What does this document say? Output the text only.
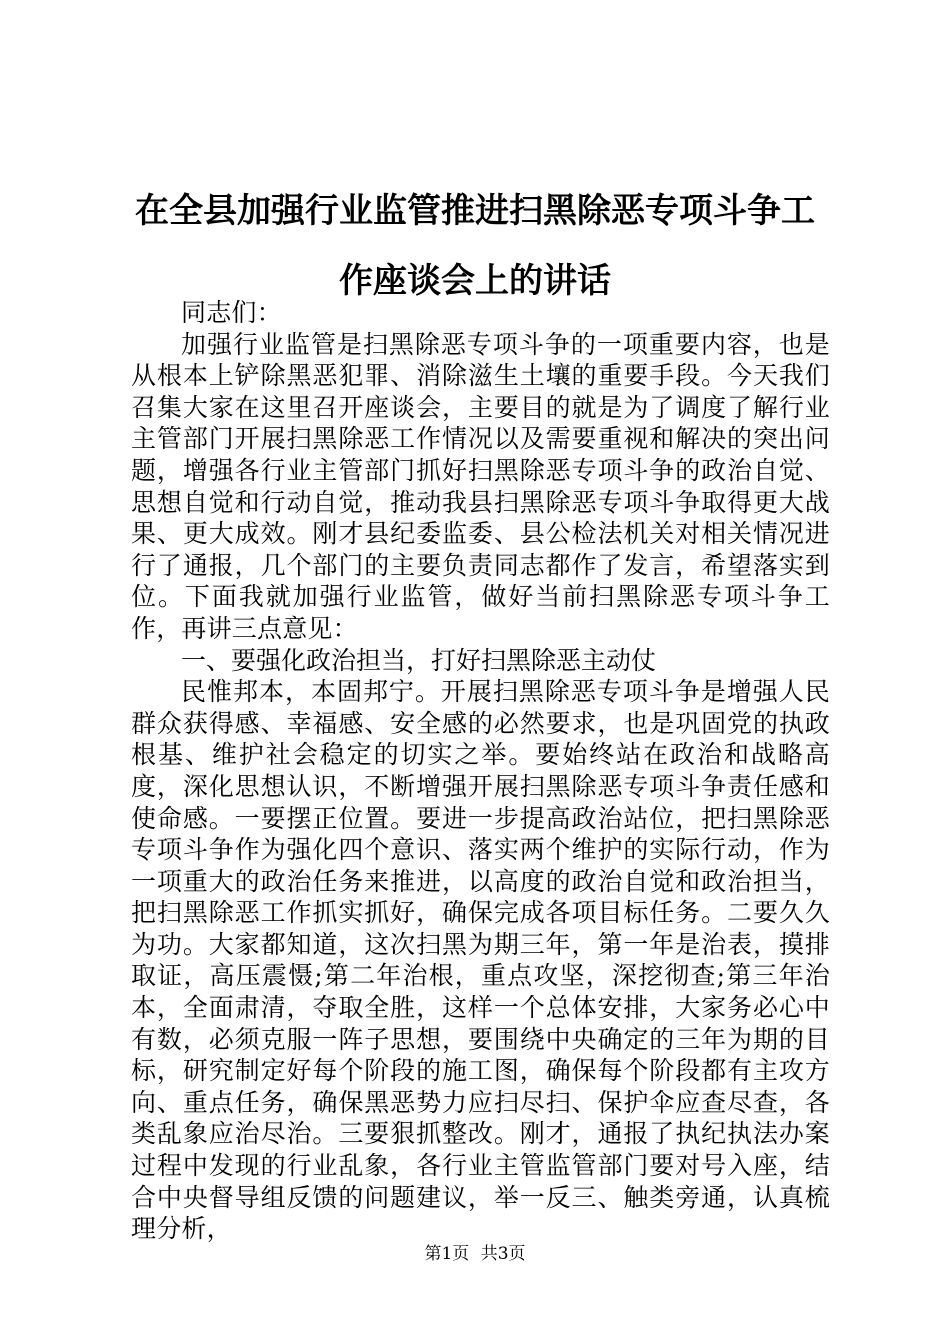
在全县加强行业监管推进扫黑除恶专项斗争工作座谈会上的讲话

同志们：

加强行业监管是扫黑除恶专项斗争的一项重要内容，也是从根本上铲除黑恶犯罪、消除滋生土壤的重要手段。今天我们召集大家在这里召开座谈会，主要目的就是为了调度了解行业主管部门开展扫黑除恶工作情况以及需要重视和解决的突出问题，增强各行业主管部门抓好扫黑除恶专项斗争的政治自觉、思想自觉和行动自觉，推动我县扫黑除恶专项斗争取得更大战果、更大成效。刚才县纪委监委、县公检法机关对相关情况进行了通报，几个部门的主要负责同志都作了发言，希望落实到位。下面我就加强行业监管，做好当前扫黑除恶专项斗争工作，再讲三点意见：

一、要强化政治担当，打好扫黑除恶主动仗

民惟邦本，本固邦宁。开展扫黑除恶专项斗争是增强人民群众获得感、幸福感、安全感的必然要求，也是巩固党的执政根基、维护社会稳定的切实之举。要始终站在政治和战略高度，深化思想认识，不断增强开展扫黑除恶专项斗争责任感和使命感。一要摆正位置。要进一步提高政治站位，把扫黑除恶专项斗争作为强化四个意识、落实两个维护的实际行动，作为一项重大的政治任务来推进，以高度的政治自觉和政治担当，把扫黑除恶工作抓实抓好，确保完成各项目标任务。二要久久为功。大家都知道，这次扫黑为期三年，第一年是治表，摸排取证，高压震慑;第二年治根，重点攻坚，深挖彻查;第三年治本，全面肃清，夺取全胜，这样一个总体安排，大家务必心中有数，必须克服一阵子思想，要围绕中央确定的三年为期的目标，研究制定好每个阶段的施工图，确保每个阶段都有主攻方向、重点任务，确保黑恶势力应扫尽扫、保护伞应查尽查，各类乱象应治尽治。三要狠抓整改。刚才，通报了执纪执法办案过程中发现的行业乱象，各行业主管监管部门要对号入座，结合中央督导组反馈的问题建议，举一反三、触类旁通，认真梳理分析，

第1页 共3页
